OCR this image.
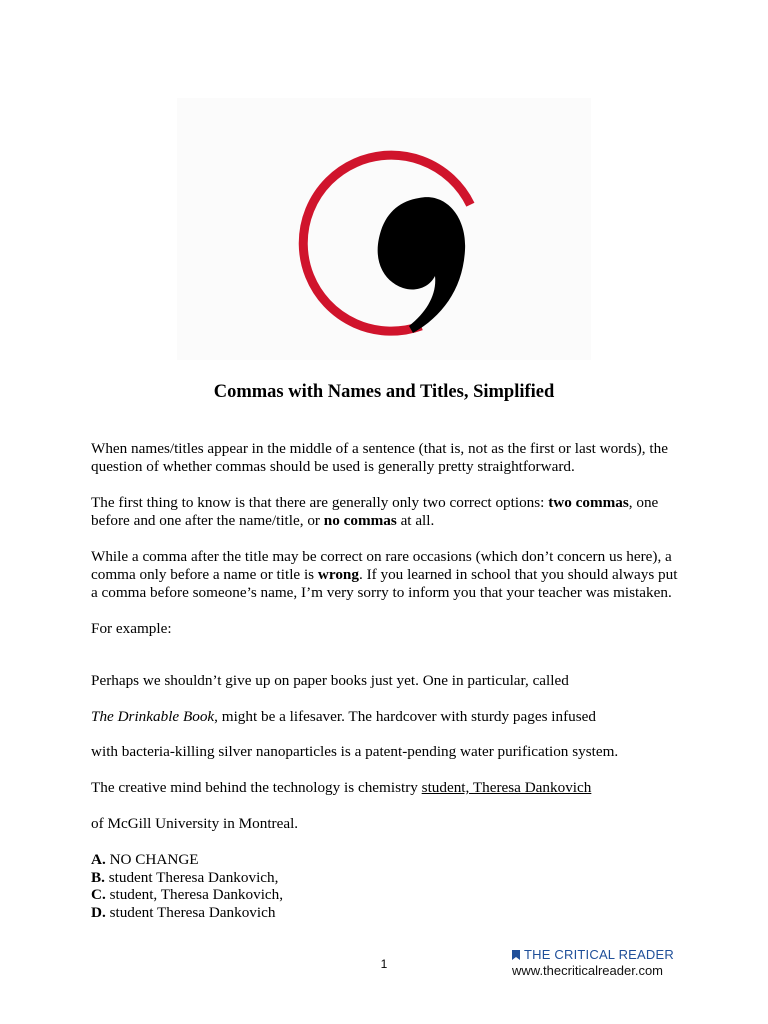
Commas with Names and Titles, Simplified

When names/titles appear in the middle of a sentence (that is, not as the first or last words), the question of whether commas should be used is generally pretty straightforward.

The first thing to know is that there are generally only two correct options: two commas, one before and one after the name/title, or no commas at all.

While a comma after the title may be correct on rare occasions (which don’t concern us here), a comma only before a name or title is wrong. If you learned in school that you should always put a comma before someone’s name, I’m very sorry to inform you that your teacher was mistaken.

For example:

Perhaps we shouldn’t give up on paper books just yet. One in particular, called
The Drinkable Book, might be a lifesaver. The hardcover with sturdy pages infused
with bacteria-killing silver nanoparticles is a patent-pending water purification system.
The creative mind behind the technology is chemistry student, Theresa Dankovich
of McGill University in Montreal.
A. NO CHANGE
B. student Theresa Dankovich,
C. student, Theresa Dankovich,
D. student Theresa Dankovich
1
THE CRITICAL READER
www.thecriticalreader.com
